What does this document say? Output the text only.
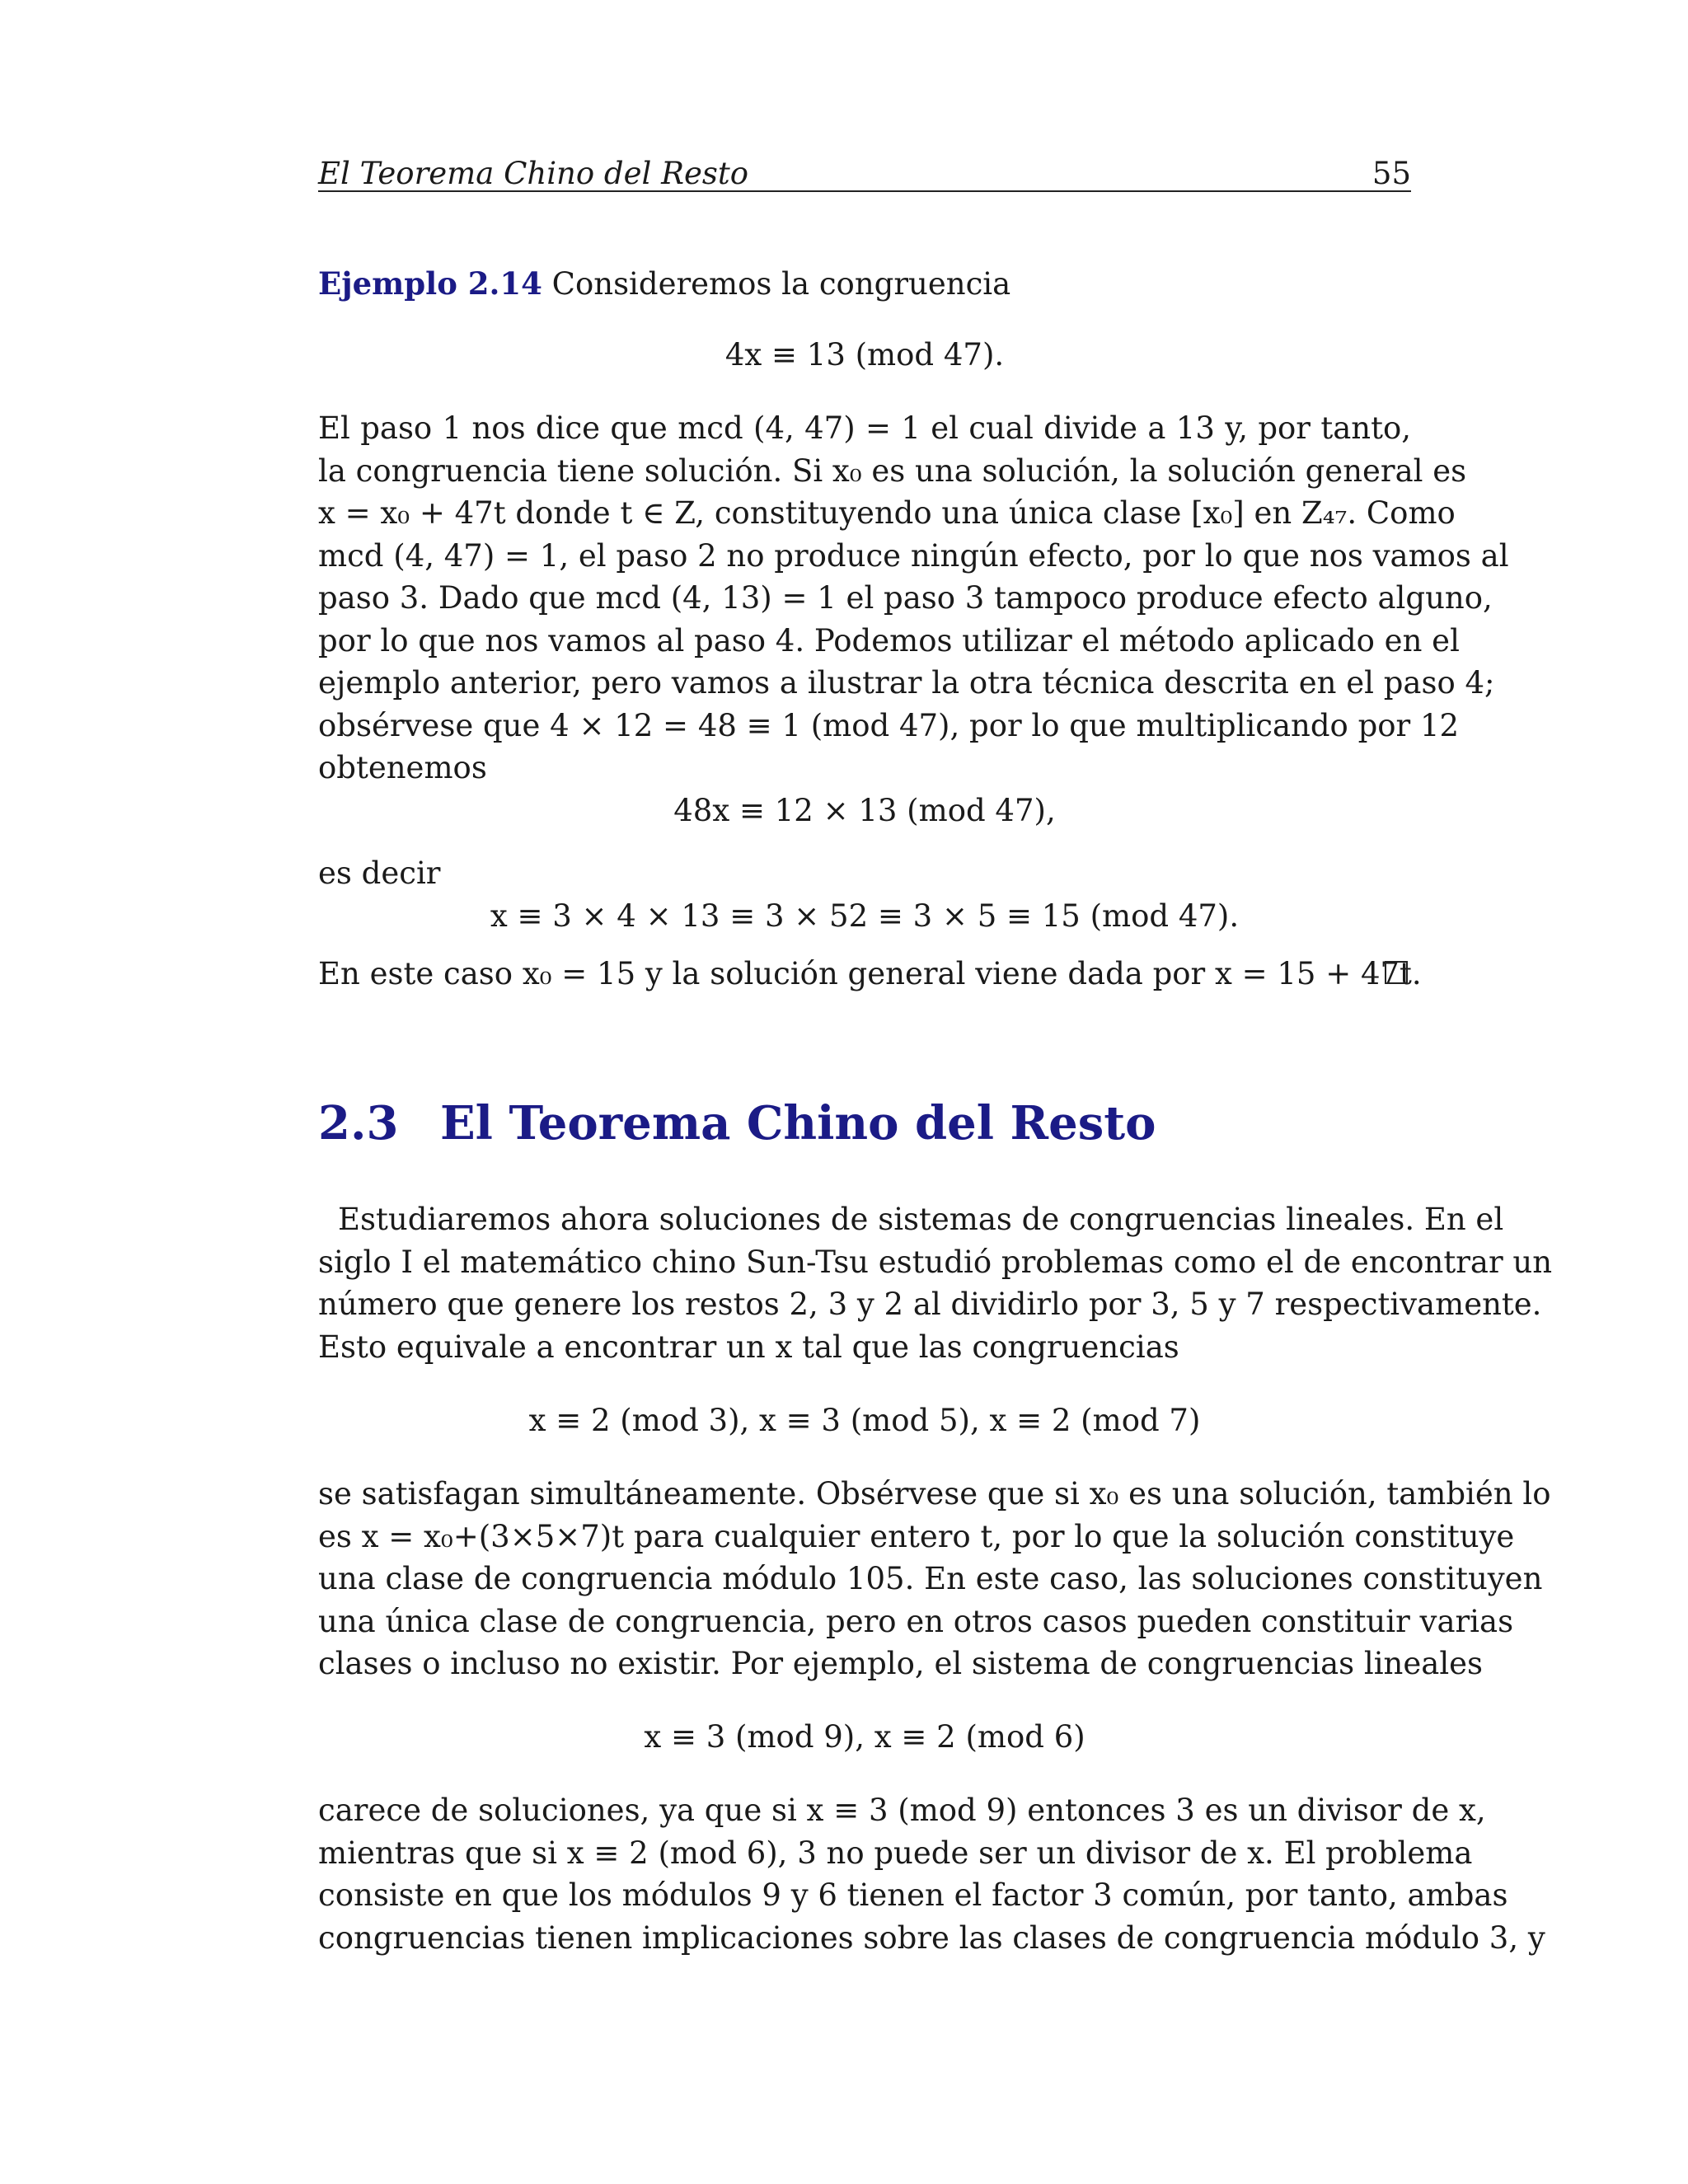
El Teorema Chino del Resto	55
Ejemplo 2.14 Consideremos la congruencia
4x ≡ 13 (mod 47).
El paso 1 nos dice que mcd (4, 47) = 1 el cual divide a 13 y, por tanto,
la congruencia tiene solución. Si x₀ es una solución, la solución general es
x = x₀ + 47t donde t ∈ Z, constituyendo una única clase [x₀] en Z₄₇. Como
mcd (4, 47) = 1, el paso 2 no produce ningún efecto, por lo que nos vamos al
paso 3. Dado que mcd (4, 13) = 1 el paso 3 tampoco produce efecto alguno,
por lo que nos vamos al paso 4. Podemos utilizar el método aplicado en el
ejemplo anterior, pero vamos a ilustrar la otra técnica descrita en el paso 4;
obsérvese que 4 × 12 = 48 ≡ 1 (mod 47), por lo que multiplicando por 12
obtenemos
48x ≡ 12 × 13 (mod 47),
es decir
x ≡ 3 × 4 × 13 ≡ 3 × 52 ≡ 3 × 5 ≡ 15 (mod 47).
En este caso x₀ = 15 y la solución general viene dada por x = 15 + 47t.
2.3 El Teorema Chino del Resto
Estudiaremos ahora soluciones de sistemas de congruencias lineales. En el
siglo I el matemático chino Sun-Tsu estudió problemas como el de encontrar un
número que genere los restos 2, 3 y 2 al dividirlo por 3, 5 y 7 respectivamente.
Esto equivale a encontrar un x tal que las congruencias
x ≡ 2 (mod 3), x ≡ 3 (mod 5), x ≡ 2 (mod 7)
se satisfagan simultáneamente. Obsérvese que si x₀ es una solución, también lo
es x = x₀+(3×5×7)t para cualquier entero t, por lo que la solución constituye
una clase de congruencia módulo 105. En este caso, las soluciones constituyen
una única clase de congruencia, pero en otros casos pueden constituir varias
clases o incluso no existir. Por ejemplo, el sistema de congruencias lineales
x ≡ 3 (mod 9), x ≡ 2 (mod 6)
carece de soluciones, ya que si x ≡ 3 (mod 9) entonces 3 es un divisor de x,
mientras que si x ≡ 2 (mod 6), 3 no puede ser un divisor de x. El problema
consiste en que los módulos 9 y 6 tienen el factor 3 común, por tanto, ambas
congruencias tienen implicaciones sobre las clases de congruencia módulo 3, y
